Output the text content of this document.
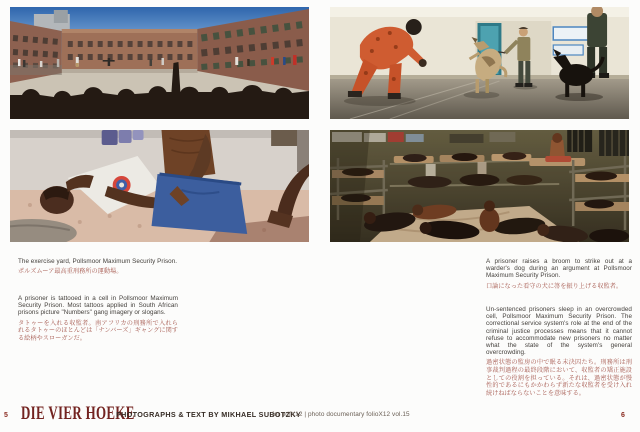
The exercise yard, Pollsmoor Maximum Security Prison.

ポルズムーア最高重刑務所の運動場。

A prisoner is tattooed in a cell in Pollsmoor Maximum Security Prison. Most tattoos applied in South African prisons picture "Numbers" gang imagery or slogans.

タトゥーを入れる収監者。南アフリカの刑務所で入れられるタトゥーのほとんどは「ナンバーズ」ギャングに関する絵柄やスローガンだ。

A prisoner raises a broom to strike out at a warder's dog during an argument at Pollsmoor Maximum Security Prison.

口論になった看守の犬に箒を振り上げる収監者。

Un-sentenced prisoners sleep in an overcrowded cell, Pollsmoor Maximum Security Prison. The correctional service system's role at the end of the criminal justice processes means that it cannot refuse to accommodate new prisoners no matter what the state of the system's general overcrowding.

過密状態の監房の中で眠る未決囚たち。刑務所は刑事裁判過程の最終段階において、収監者の矯正施設としての役割を担っている。それは、過密状態が慢性的であるにもかかわらず新たな収監者を受け入れ続けねばならないことを意味する。

5 DIE VIER HOEKE
PHOTOGRAPHS & TEXT BY MIKHAEL SUBOTZKY
for pdfX12 | photo documentary folioX12 vol.15	6
